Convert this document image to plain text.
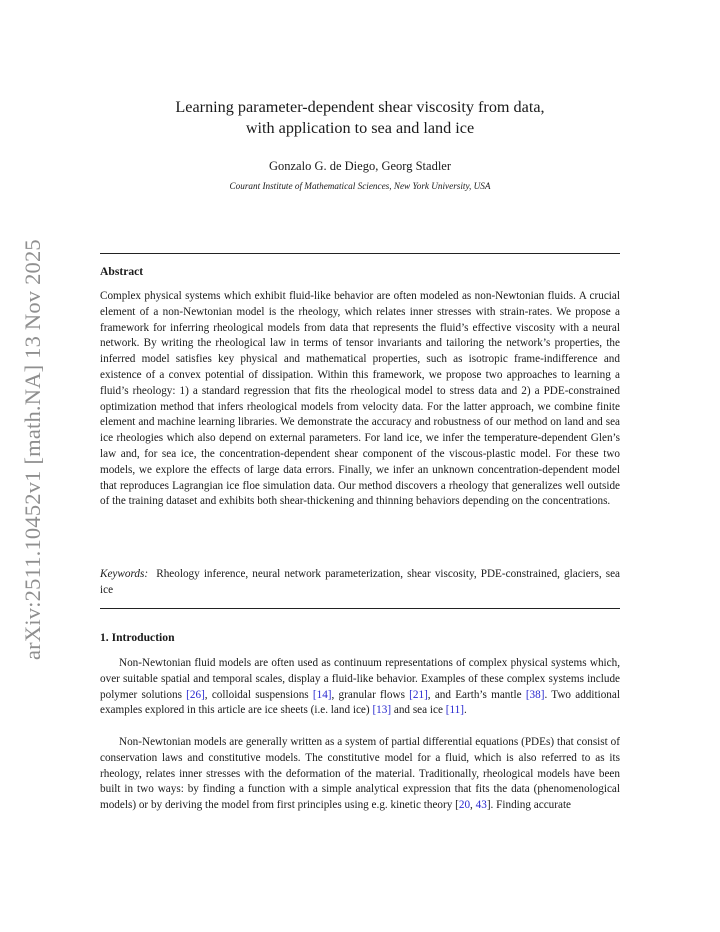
arXiv:2511.10452v1 [math.NA] 13 Nov 2025
Learning parameter-dependent shear viscosity from data,
with application to sea and land ice
Gonzalo G. de Diego, Georg Stadler
Courant Institute of Mathematical Sciences, New York University, USA
Abstract

Complex physical systems which exhibit fluid-like behavior are often modeled as non-Newtonian fluids. A crucial element of a non-Newtonian model is the rheology, which relates inner stresses with strain-rates. We propose a framework for inferring rheological models from data that represents the fluid’s effective viscosity with a neural network. By writing the rheological law in terms of tensor invariants and tailoring the network’s properties, the inferred model satisfies key physical and mathematical properties, such as isotropic frame-indifference and existence of a convex potential of dissipation. Within this framework, we propose two approaches to learning a fluid’s rheology: 1) a standard regression that fits the rheological model to stress data and 2) a PDE-constrained optimization method that infers rheological models from velocity data. For the latter approach, we combine finite element and machine learning libraries. We demonstrate the accuracy and robustness of our method on land and sea ice rheologies which also depend on external parameters. For land ice, we infer the temperature-dependent Glen’s law and, for sea ice, the concentration-dependent shear component of the viscous-plastic model. For these two models, we explore the effects of large data errors. Finally, we infer an unknown concentration-dependent model that reproduces Lagrangian ice floe simulation data. Our method discovers a rheology that generalizes well outside of the training dataset and exhibits both shear-thickening and thinning behaviors depending on the concentrations.

Keywords: Rheology inference, neural network parameterization, shear viscosity, PDE-constrained, glaciers, sea ice

1. Introduction

Non-Newtonian fluid models are often used as continuum representations of complex physical systems which, over suitable spatial and temporal scales, display a fluid-like behavior. Examples of these complex systems include polymer solutions [26], colloidal suspensions [14], granular flows [21], and Earth’s mantle [38]. Two additional examples explored in this article are ice sheets (i.e. land ice) [13] and sea ice [11].

Non-Newtonian models are generally written as a system of partial differential equations (PDEs) that consist of conservation laws and constitutive models. The constitutive model for a fluid, which is also referred to as its rheology, relates inner stresses with the deformation of the material. Traditionally, rheological models have been built in two ways: by finding a function with a simple analytical expression that fits the data (phenomenological models) or by deriving the model from first principles using e.g. kinetic theory [20, 43]. Finding accurate
